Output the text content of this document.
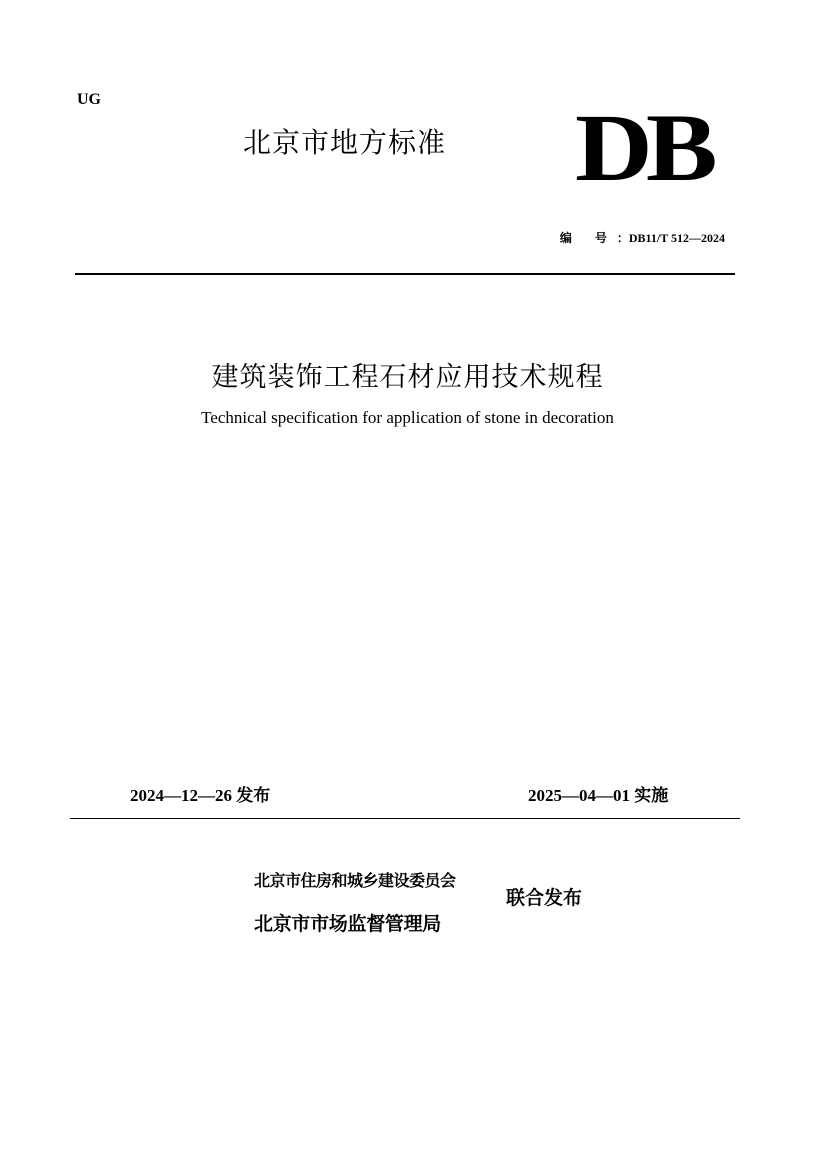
UG
北京市地方标准 DB
编 号：DB11/T 512—2024
建筑装饰工程石材应用技术规程
Technical specification for application of stone in decoration
2024—12—26 发布	2025—04—01 实施
北京市住房和城乡建设委员会
北京市市场监督管理局
联合发布
